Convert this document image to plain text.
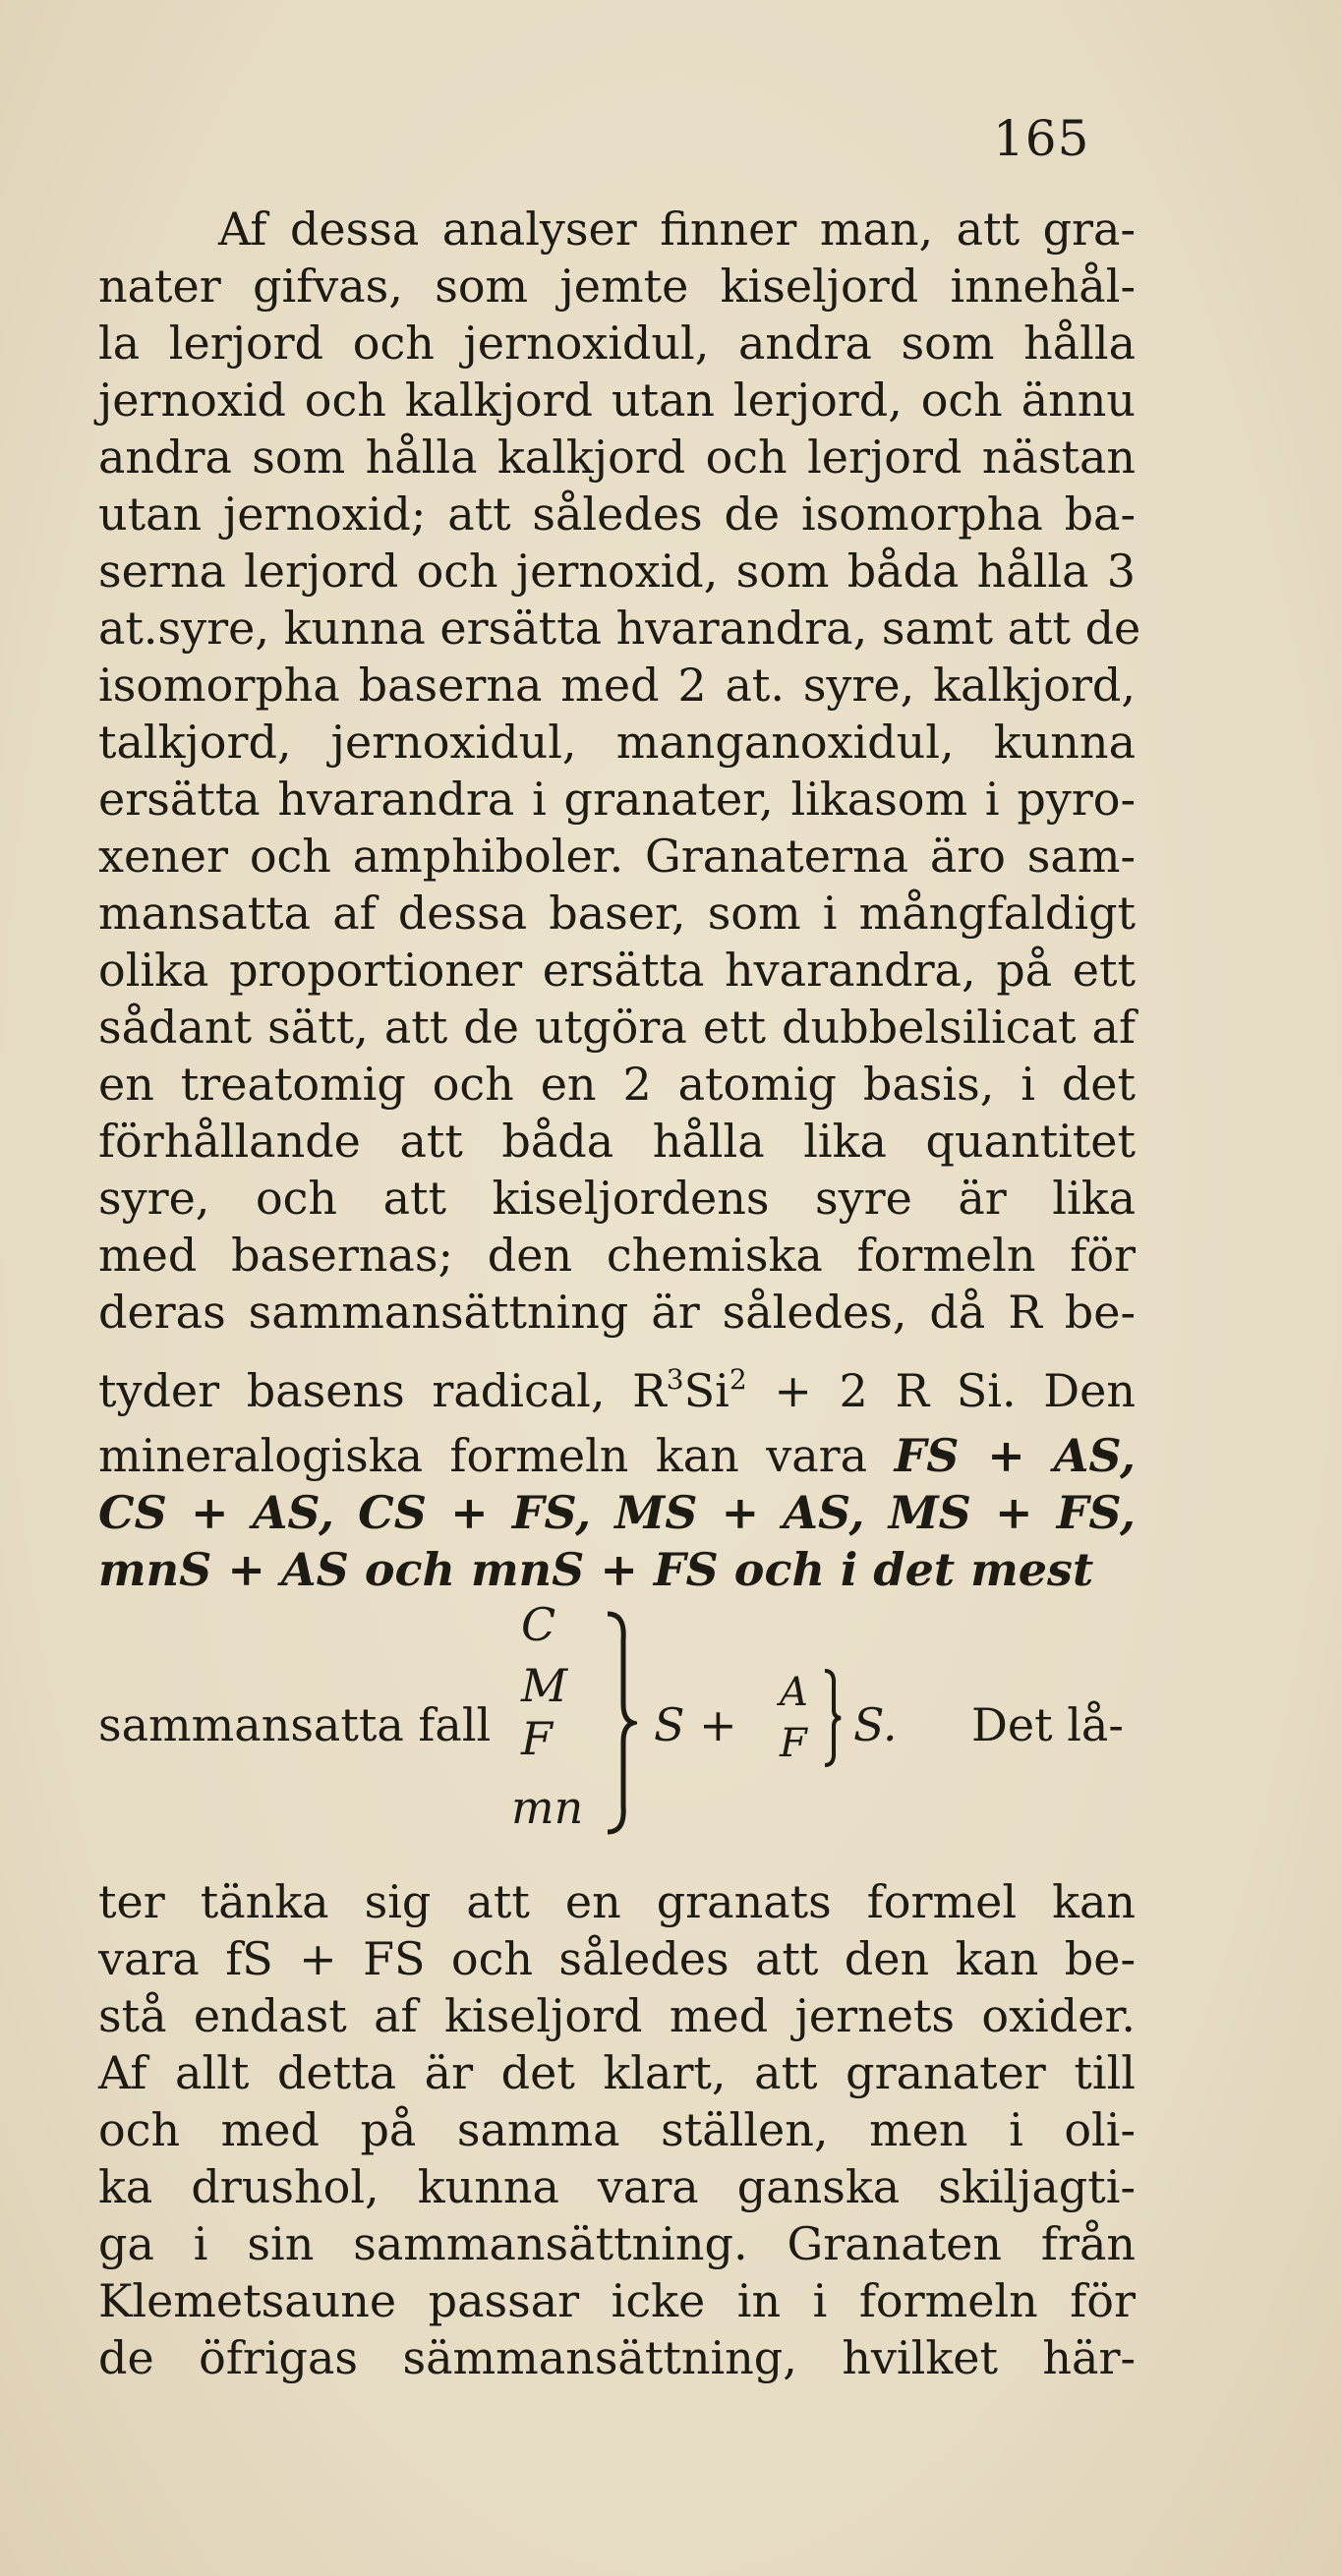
165
Af dessa analyser finner man, att gra-
nater gifvas, som jemte kiseljord innehål-
la lerjord och jernoxidul, andra som hålla
jernoxid och kalkjord utan lerjord, och ännu
andra som hålla kalkjord och lerjord nästan
utan jernoxid; att således de isomorpha ba-
serna lerjord och jernoxid, som båda hålla 3
at.syre, kunna ersätta hvarandra, samt att de
isomorpha baserna med 2 at. syre, kalkjord,
talkjord, jernoxidul, manganoxidul, kunna
ersätta hvarandra i granater, likasom i pyro-
xener och amphiboler. Granaterna äro sam-
mansatta af dessa baser, som i mångfaldigt
olika proportioner ersätta hvarandra, på ett
sådant sätt, att de utgöra ett dubbelsilicat af
en treatomig och en 2 atomig basis, i det
förhållande att båda hålla lika quantitet
syre, och att kiseljordens syre är lika
med basernas; den chemiska formeln för
deras sammansättning är således, då R be-
tyder basens radical, $R^3Si^2 + 2$ R Si. Den
mineralogiska formeln kan vara FS + AS,
CS + AS, CS + FS, MS + AS, MS + FS,
mnS + AS och mnS + FS och i det mest
sammansatta fall
C
M
F
mn
S +
A
F S. Det lå-
ter tänka sig att en granats formel kan
vara fS + FS och således att den kan be-
stå endast af kiseljord med jernets oxider.
Af allt detta är det klart, att granater till
och med på samma ställen, men i oli-
ka drushol, kunna vara ganska skiljagti-
ga i sin sammansättning. Granaten från
Klemetsaune passar icke in i formeln för
de öfrigas sämmansättning, hvilket här-
